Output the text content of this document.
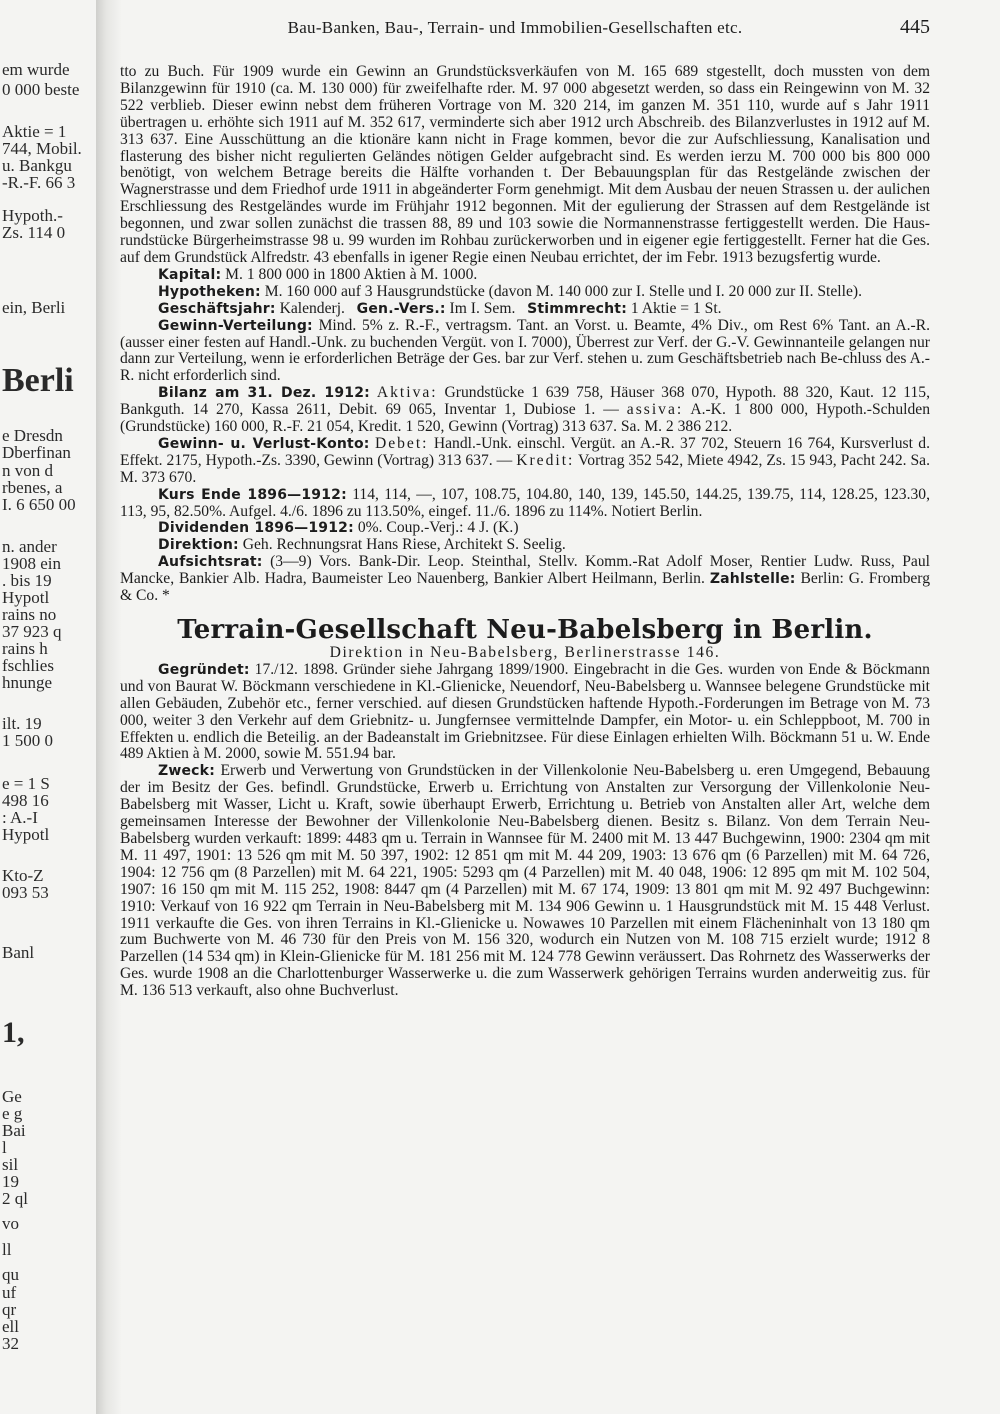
em wurde
0 000 beste
Aktie = 1
744, Mobil.
u. Bankgu
-R.-F. 66 3
Hypoth.-
Zs. 114 0
ein, Berli
Berli
e Dresdn
Dberfinan
n von d
rbenes, a
I. 6 650 00
n. ander
1908 ein
. bis 19
Hypotl
rains no
37 923 q
rains h
fschlies
hnunge
ilt. 19
1 500 0
e = 1 S
498 16
: A.-I
Hypotl
Kto-Z
093 53
Banl
1,
Ge
e g
Bai
l
sil
19
2 ql
vo
ll
qu
uf
qr
ell
32
Bau-Banken, Bau-, Terrain- und Immobilien-Gesellschaften etc.	445

tto zu Buch. Für 1909 wurde ein Gewinn an Grundstücksverkäufen von M. 165 689 stgestellt, doch mussten von dem Bilanzgewinn für 1910 (ca. M. 130 000) für zweifelhafte rder. M. 97 000 abgesetzt werden, so dass ein Reingewinn von M. 32 522 verblieb. Dieser ewinn nebst dem früheren Vortrage von M. 320 214, im ganzen M. 351 110, wurde auf s Jahr 1911 übertragen u. erhöhte sich 1911 auf M. 352 617, verminderte sich aber 1912 urch Abschreib. des Bilanzverlustes in 1912 auf M. 313 637. Eine Ausschüttung an die ktionäre kann nicht in Frage kommen, bevor die zur Aufschliessung, Kanalisation und flasterung des bisher nicht regulierten Geländes nötigen Gelder aufgebracht sind. Es werden ierzu M. 700 000 bis 800 000 benötigt, von welchem Betrage bereits die Hälfte vorhanden t. Der Bebauungsplan für das Restgelände zwischen der Wagnerstrasse und dem Friedhof urde 1911 in abgeänderter Form genehmigt. Mit dem Ausbau der neuen Strassen u. der aulichen Erschliessung des Restgeländes wurde im Frühjahr 1912 begonnen. Mit der egulierung der Strassen auf dem Restgelände ist begonnen, und zwar sollen zunächst die trassen 88, 89 und 103 sowie die Normannenstrasse fertiggestellt werden. Die Haus-rundstücke Bürgerheimstrasse 98 u. 99 wurden im Rohbau zurückerworben und in eigener egie fertiggestellt. Ferner hat die Ges. auf dem Grundstück Alfredstr. 43 ebenfalls in igener Regie einen Neubau errichtet, der im Febr. 1913 bezugsfertig wurde.

Kapital: M. 1 800 000 in 1800 Aktien à M. 1000.

Hypotheken: M. 160 000 auf 3 Hausgrundstücke (davon M. 140 000 zur I. Stelle und I. 20 000 zur II. Stelle).

Geschäftsjahr: Kalenderj. Gen.-Vers.: Im I. Sem. Stimmrecht: 1 Aktie = 1 St.

Gewinn-Verteilung: Mind. 5% z. R.-F., vertragsm. Tant. an Vorst. u. Beamte, 4% Div., om Rest 6% Tant. an A.-R. (ausser einer festen auf Handl.-Unk. zu buchenden Vergüt. von I. 7000), Überrest zur Verf. der G.-V. Gewinnanteile gelangen nur dann zur Verteilung, wenn ie erforderlichen Beträge der Ges. bar zur Verf. stehen u. zum Geschäftsbetrieb nach Be-chluss des A.-R. nicht erforderlich sind.

Bilanz am 31. Dez. 1912: Aktiva: Grundstücke 1 639 758, Häuser 368 070, Hypoth. 88 320, Kaut. 12 115, Bankguth. 14 270, Kassa 2611, Debit. 69 065, Inventar 1, Dubiose 1. — assiva: A.-K. 1 800 000, Hypoth.-Schulden (Grundstücke) 160 000, R.-F. 21 054, Kredit. 1 520, Gewinn (Vortrag) 313 637. Sa. M. 2 386 212.

Gewinn- u. Verlust-Konto: Debet: Handl.-Unk. einschl. Vergüt. an A.-R. 37 702, Steuern 16 764, Kursverlust d. Effekt. 2175, Hypoth.-Zs. 3390, Gewinn (Vortrag) 313 637. — Kredit: Vortrag 352 542, Miete 4942, Zs. 15 943, Pacht 242. Sa. M. 373 670.

Kurs Ende 1896—1912: 114, 114, —, 107, 108.75, 104.80, 140, 139, 145.50, 144.25, 139.75, 114, 128.25, 123.30, 113, 95, 82.50%. Aufgel. 4./6. 1896 zu 113.50%, eingef. 11./6. 1896 zu 114%. Notiert Berlin.

Dividenden 1896—1912: 0%. Coup.-Verj.: 4 J. (K.)

Direktion: Geh. Rechnungsrat Hans Riese, Architekt S. Seelig.

Aufsichtsrat: (3—9) Vors. Bank-Dir. Leop. Steinthal, Stellv. Komm.-Rat Adolf Moser, Rentier Ludw. Russ, Paul Mancke, Bankier Alb. Hadra, Baumeister Leo Nauenberg, Bankier Albert Heilmann, Berlin. Zahlstelle: Berlin: G. Fromberg & Co. *

Terrain-Gesellschaft Neu-Babelsberg in Berlin.

Direktion in Neu-Babelsberg, Berlinerstrasse 146.

Gegründet: 17./12. 1898. Gründer siehe Jahrgang 1899/1900. Eingebracht in die Ges. wurden von Ende & Böckmann und von Baurat W. Böckmann verschiedene in Kl.-Glienicke, Neuendorf, Neu-Babelsberg u. Wannsee belegene Grundstücke mit allen Gebäuden, Zubehör etc., ferner verschied. auf diesen Grundstücken haftende Hypoth.-Forderungen im Betrage von M. 73 000, weiter 3 den Verkehr auf dem Griebnitz- u. Jungfernsee vermittelnde Dampfer, ein Motor- u. ein Schleppboot, M. 700 in Effekten u. endlich die Beteilig. an der Badeanstalt im Griebnitzsee. Für diese Einlagen erhielten Wilh. Böckmann 51 u. W. Ende 489 Aktien à M. 2000, sowie M. 551.94 bar.

Zweck: Erwerb und Verwertung von Grundstücken in der Villenkolonie Neu-Babelsberg u. eren Umgegend, Bebauung der im Besitz der Ges. befindl. Grundstücke, Erwerb u. Errichtung von Anstalten zur Versorgung der Villenkolonie Neu-Babelsberg mit Wasser, Licht u. Kraft, sowie überhaupt Erwerb, Errichtung u. Betrieb von Anstalten aller Art, welche dem gemeinsamen Interesse der Bewohner der Villenkolonie Neu-Babelsberg dienen. Besitz s. Bilanz. Von dem Terrain Neu-Babelsberg wurden verkauft: 1899: 4483 qm u. Terrain in Wannsee für M. 2400 mit M. 13 447 Buchgewinn, 1900: 2304 qm mit M. 11 497, 1901: 13 526 qm mit M. 50 397, 1902: 12 851 qm mit M. 44 209, 1903: 13 676 qm (6 Parzellen) mit M. 64 726, 1904: 12 756 qm (8 Parzellen) mit M. 64 221, 1905: 5293 qm (4 Parzellen) mit M. 40 048, 1906: 12 895 qm mit M. 102 504, 1907: 16 150 qm mit M. 115 252, 1908: 8447 qm (4 Parzellen) mit M. 67 174, 1909: 13 801 qm mit M. 92 497 Buchgewinn: 1910: Verkauf von 16 922 qm Terrain in Neu-Babelsberg mit M. 134 906 Gewinn u. 1 Hausgrundstück mit M. 15 448 Verlust. 1911 verkaufte die Ges. von ihren Terrains in Kl.-Glienicke u. Nowawes 10 Parzellen mit einem Flächeninhalt von 13 180 qm zum Buchwerte von M. 46 730 für den Preis von M. 156 320, wodurch ein Nutzen von M. 108 715 erzielt wurde; 1912 8 Parzellen (14 534 qm) in Klein-Glienicke für M. 181 256 mit M. 124 778 Gewinn veräussert. Das Rohrnetz des Wasserwerks der Ges. wurde 1908 an die Charlottenburger Wasserwerke u. die zum Wasserwerk gehörigen Terrains wurden anderweitig zus. für M. 136 513 verkauft, also ohne Buchverlust.
